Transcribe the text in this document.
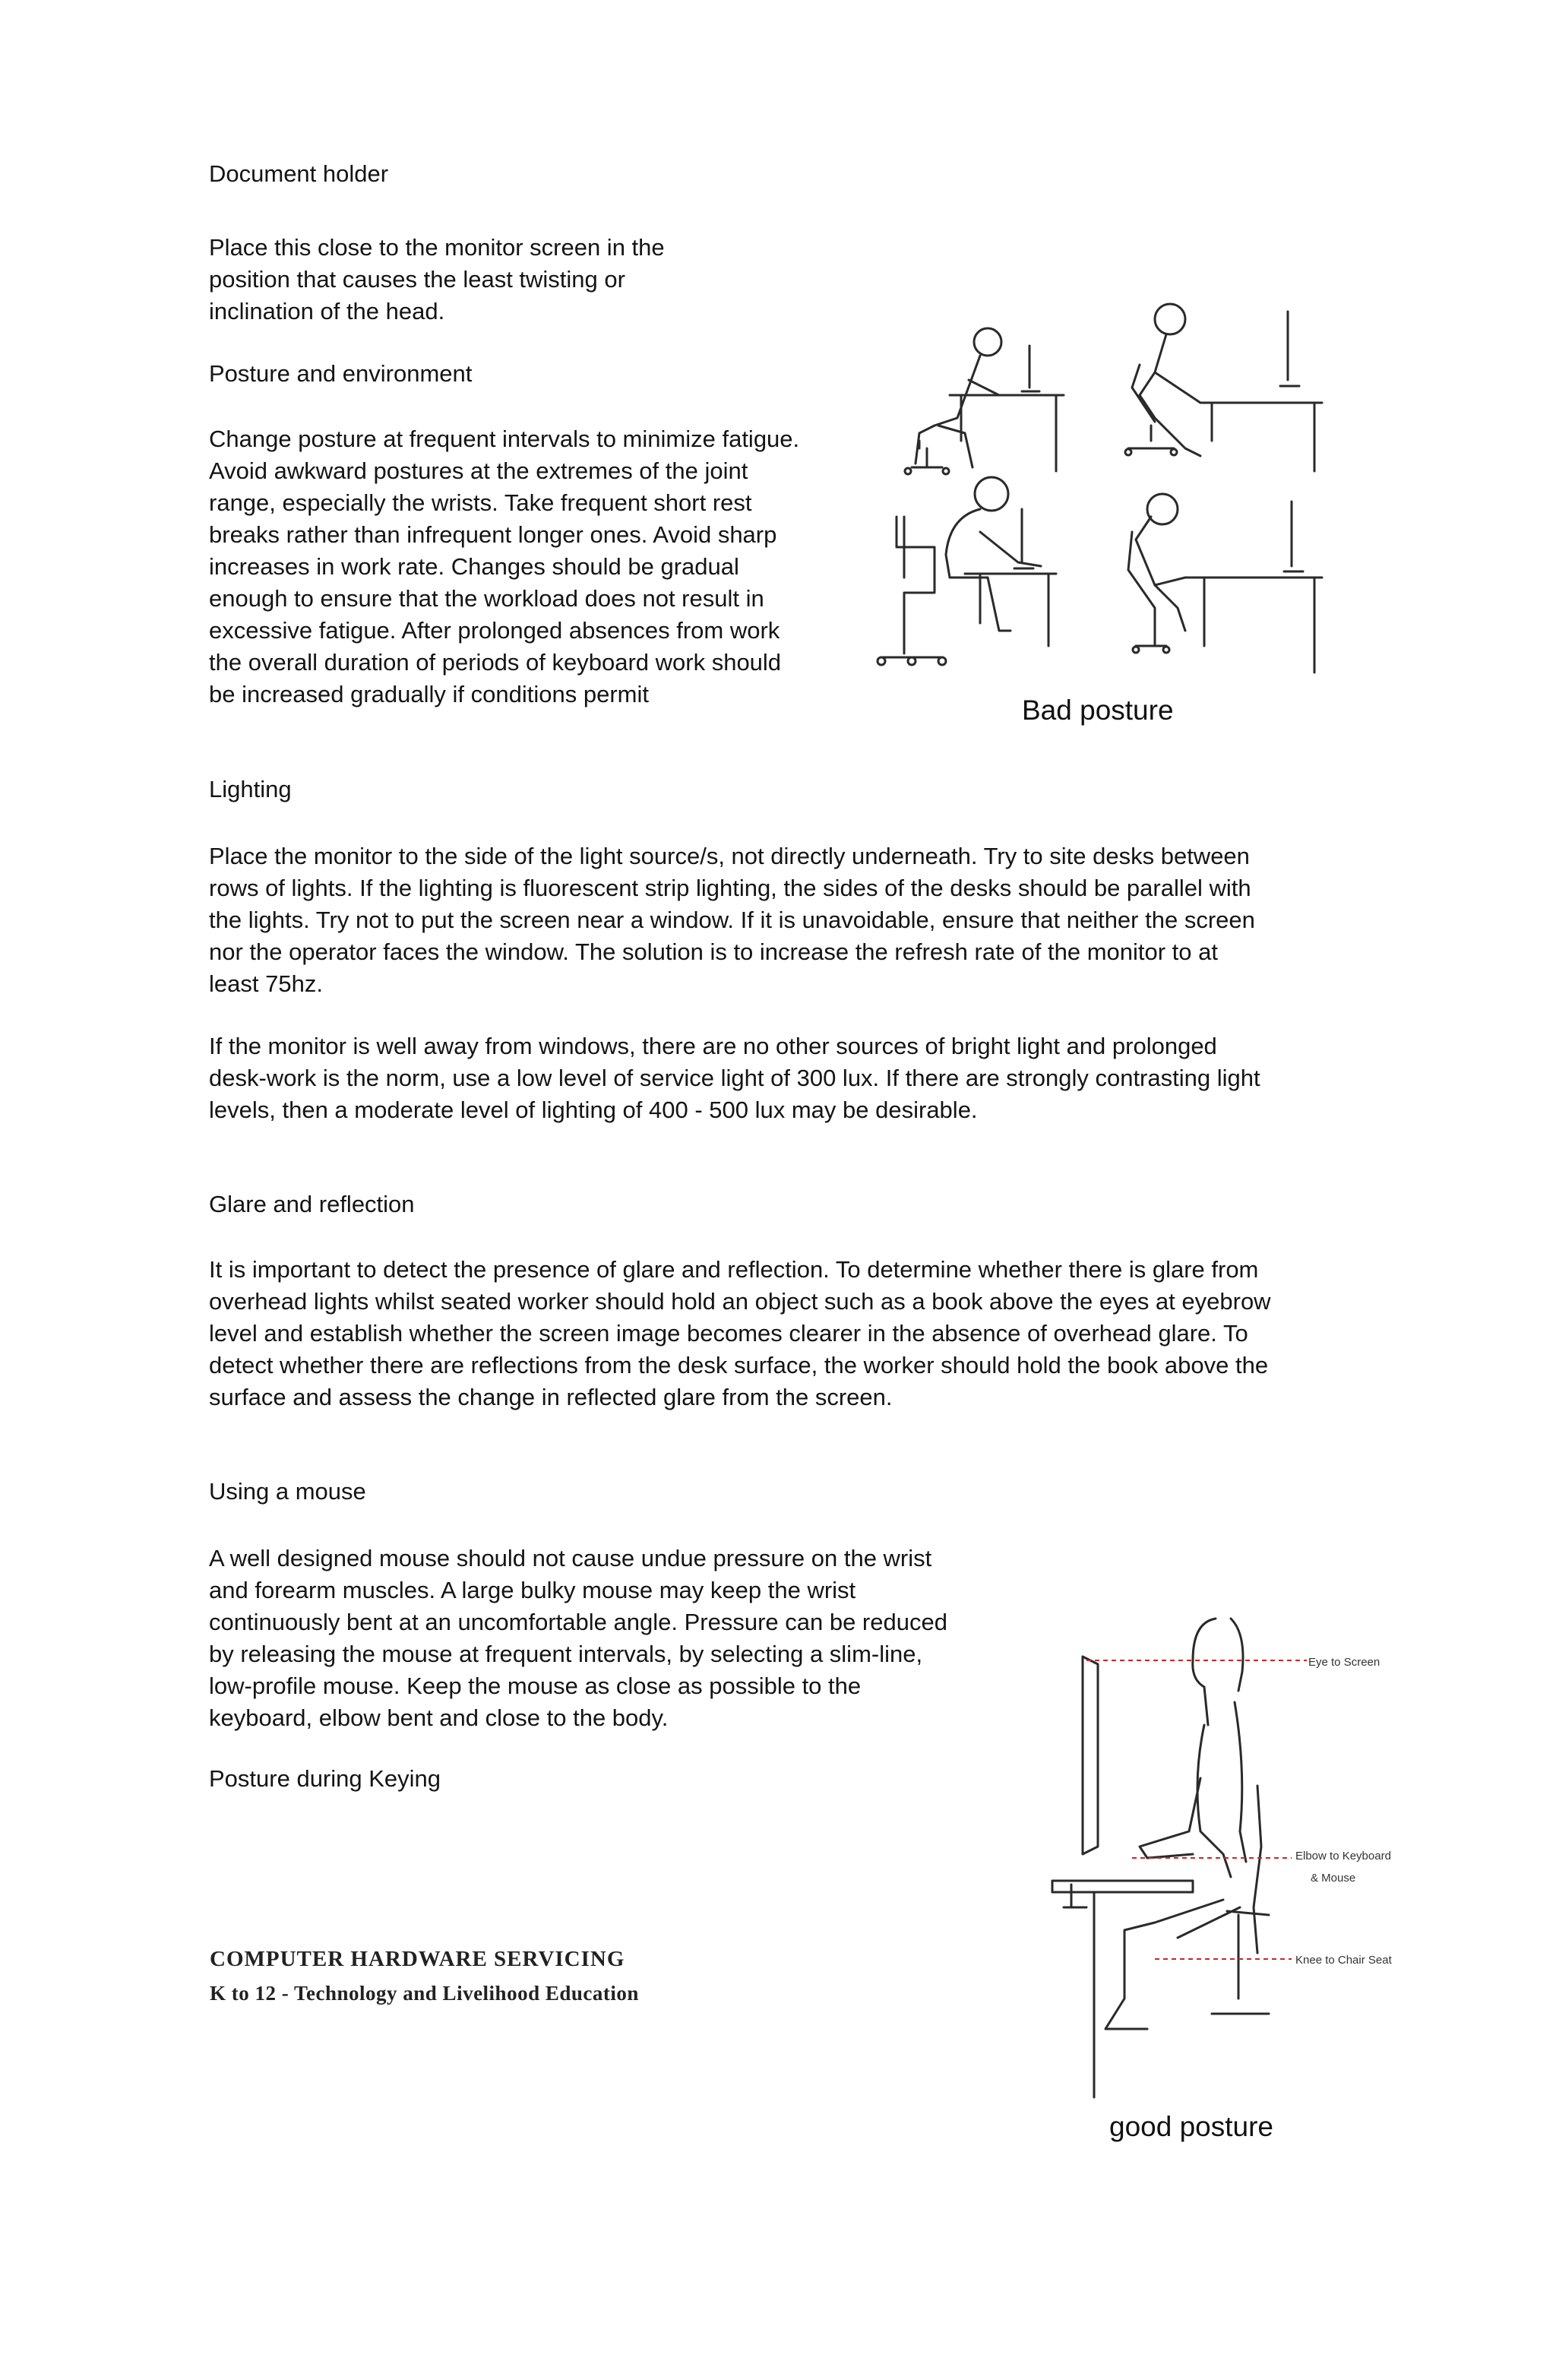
Document holder

Place this close to the monitor screen in the position that causes the least twisting or inclination of the head.

Posture and environment

Change posture at frequent intervals to minimize fatigue. Avoid awkward postures at the extremes of the joint range, especially the wrists. Take frequent short rest breaks rather than infrequent longer ones. Avoid sharp increases in work rate. Changes should be gradual enough to ensure that the workload does not result in excessive fatigue. After prolonged absences from work the overall duration of periods of keyboard work should be increased gradually if conditions permit

Bad posture

Lighting

Place the monitor to the side of the light source/s, not directly underneath. Try to site desks between rows of lights. If the lighting is fluorescent strip lighting, the sides of the desks should be parallel with the lights. Try not to put the screen near a window. If it is unavoidable, ensure that neither the screen nor the operator faces the window. The solution is to increase the refresh rate of the monitor to at least 75hz.

If the monitor is well away from windows, there are no other sources of bright light and prolonged desk-work is the norm, use a low level of service light of 300 lux. If there are strongly contrasting light levels, then a moderate level of lighting of 400 - 500 lux may be desirable.

Glare and reflection

It is important to detect the presence of glare and reflection. To determine whether there is glare from overhead lights whilst seated worker should hold an object such as a book above the eyes at eyebrow level and establish whether the screen image becomes clearer in the absence of overhead glare. To detect whether there are reflections from the desk surface, the worker should hold the book above the surface and assess the change in reflected glare from the screen.

Using a mouse

A well designed mouse should not cause undue pressure on the wrist and forearm muscles. A large bulky mouse may keep the wrist continuously bent at an uncomfortable angle. Pressure can be reduced by releasing the mouse at frequent intervals, by selecting a slim-line, low-profile mouse. Keep the mouse as close as possible to the keyboard, elbow bent and close to the body.

Posture during Keying

Eye to Screen
Elbow to Keyboard
& Mouse
Knee to Chair Seat
good posture

COMPUTER HARDWARE SERVICING

K to 12 - Technology and Livelihood Education
